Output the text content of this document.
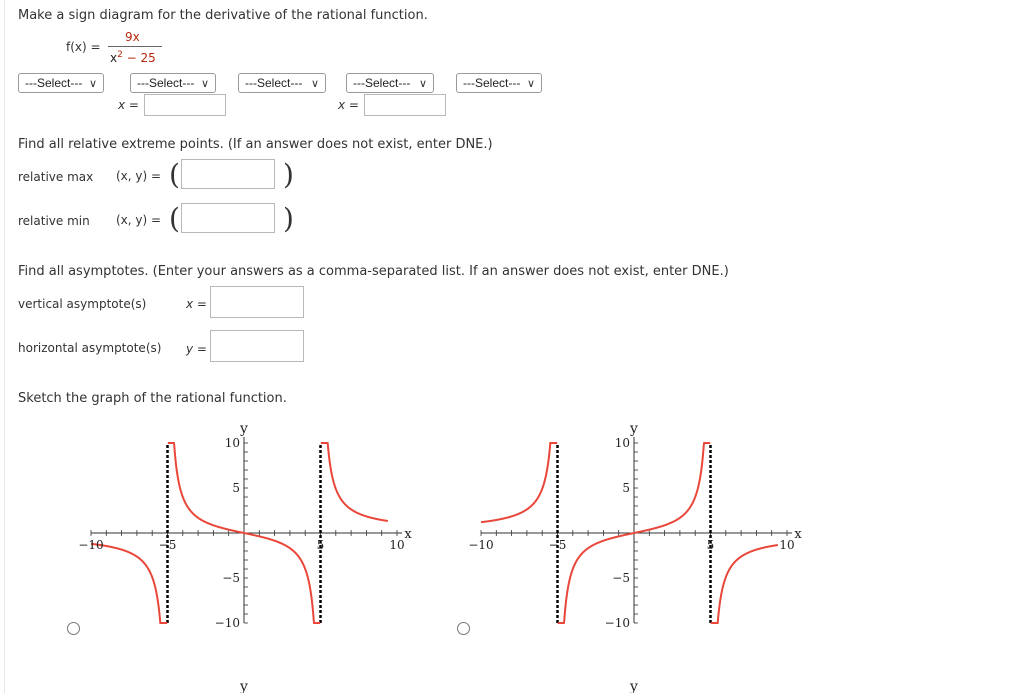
Make a sign diagram for the derivative of the rational function.
f(x) =
9x
$x^2 - 25$
---Select--- ∨	---Select--- ∨	---Select--- ∨	---Select--- ∨	---Select--- ∨
x =	x =
Find all relative extreme points. (If an answer does not exist, enter DNE.)
relative max (x, y) = (	)
relative min (x, y) = (	)
Find all asymptotes. (Enter your answers as a comma-separated list. If an answer does not exist, enter DNE.)
vertical asymptote(s)	x =
horizontal asymptote(s) y =
Sketch the graph of the rational function.
−10	−5	5	10
10
5
−5
−10
x
y
y
−10	−5	5	10
10
5
−5
−10
x
y
y
